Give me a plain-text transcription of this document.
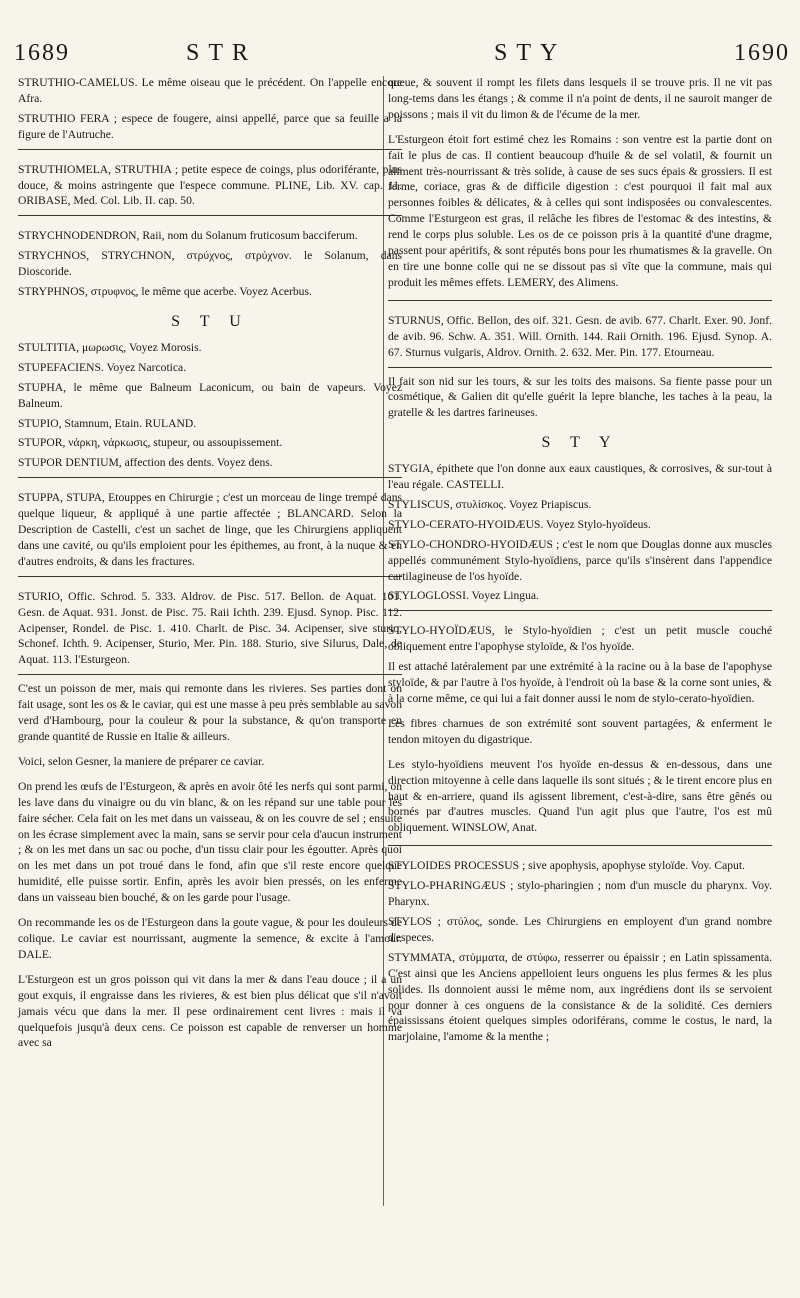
1689	STR	STY	1690

STRUTHIO-CAMELUS. Le même oiseau que le précédent. On l'appelle encore Afra.

STRUTHIO FERA ; espece de fougere, ainsi appellé, parce que sa feuille a la figure de l'Autruche.

STRUTHIOMELA, STRUTHIA ; petite espece de coings, plus odoriférante, plus douce, & moins astringente que l'espece commune. PLINE, Lib. XV. cap. 11. ORIBASE, Med. Col. Lib. II. cap. 50.

STRYCHNODENDRON, Raii, nom du Solanum fruticosum bacciferum.

STRYCHNOS, STRYCHNON, στρύχνος, στρύχνον. le Solanum, dans Dioscoride.

STRYPHNOS, στρυφνος, le même que acerbe. Voyez Acerbus.

S T U

STULTITIA, μωρωσις, Voyez Morosis.

STUPEFACIENS. Voyez Narcotica.

STUPHA, le même que Balneum Laconicum, ou bain de vapeurs. Voyez Balneum.

STUPIO, Stamnum, Etain. RULAND.

STUPOR, νάρκη, νάρκωσις, stupeur, ou assoupissement.

STUPOR DENTIUM, affection des dents. Voyez dens.

STUPPA, STUPA, Etouppes en Chirurgie ; c'est un morceau de linge trempé dans quelque liqueur, & appliqué à une partie affectée ; BLANCARD. Selon la Description de Castelli, c'est un sachet de linge, que les Chirurgiens appliquent dans une cavité, ou qu'ils emploient pour les épithemes, au front, à la nuque & en d'autres endroits, & dans les fractures.

STURIO, Offic. Schrod. 5. 333. Aldrov. de Pisc. 517. Bellon. de Aquat. 101. Gesn. de Aquat. 931. Jonst. de Pisc. 75. Raii Ichth. 239. Ejusd. Synop. Pisc. 112. Acipenser, Rondel. de Pisc. 1. 410. Charlt. de Pisc. 34. Acipenser, sive sturio, Schonef. Ichth. 9. Acipenser, Sturio, Mer. Pin. 188. Sturio, sive Silurus, Dale, de Aquat. 113. l'Esturgeon.

C'est un poisson de mer, mais qui remonte dans les rivieres. Ses parties dont on fait usage, sont les os & le caviar, qui est une masse à peu près semblable au savon verd d'Hambourg, pour la couleur & pour la substance, & qu'on transporte en grande quantité de Russie en Italie & ailleurs.

Voici, selon Gesner, la maniere de préparer ce caviar.

On prend les œufs de l'Esturgeon, & après en avoir ôté les nerfs qui sont parmi, on les lave dans du vinaigre ou du vin blanc, & on les répand sur une table pour les faire sécher. Cela fait on les met dans un vaisseau, & on les couvre de sel ; ensuite on les écrase simplement avec la main, sans se servir pour cela d'aucun instrument ; & on les met dans un sac ou poche, d'un tissu clair pour les égoutter. Après quoi on les met dans un pot troué dans le fond, afin que s'il reste encore quelque humidité, elle puisse sortir. Enfin, après les avoir bien pressés, on les enferme dans un vaisseau bien bouché, & on les garde pour l'usage.

On recommande les os de l'Esturgeon dans la goute vague, & pour les douleurs de colique. Le caviar est nourrissant, augmente la semence, & excite à l'amour. DALE.

L'Esturgeon est un gros poisson qui vit dans la mer & dans l'eau douce ; il a un gout exquis, il engraisse dans les rivieres, & est bien plus délicat que s'il n'avoit jamais vécu que dans la mer. Il pese ordinairement cent livres : mais il va quelquefois jusqu'à deux cens. Ce poisson est capable de renverser un homme avec sa

queue, & souvent il rompt les filets dans lesquels il se trouve pris. Il ne vit pas long-tems dans les étangs ; & comme il n'a point de dents, il ne sauroit manger de poissons ; mais il vit du limon & de l'écume de la mer.

L'Esturgeon étoit fort estimé chez les Romains : son ventre est la partie dont on fait le plus de cas. Il contient beaucoup d'huile & de sel volatil, & fournit un aliment très-nourrissant & très solide, à cause de ses sucs épais & grossiers. Il est ferme, coriace, gras & de difficile digestion : c'est pourquoi il fait mal aux personnes foibles & délicates, & à celles qui sont indisposées ou convalescentes. Comme l'Esturgeon est gras, il relâche les fibres de l'estomac & des intestins, & rend le corps plus soluble. Les os de ce poisson pris à la quantité d'une dragme, passent pour apéritifs, & sont réputés bons pour les rhumatismes & la gravelle. On en tire une bonne colle qui ne se dissout pas si vîte que la commune, mais qui produit les mêmes effets. LEMERY, des Alimens.

STURNUS, Offic. Bellon, des oif. 321. Gesn. de avib. 677. Charlt. Exer. 90. Jonf. de avib. 96. Schw. A. 351. Will. Ornith. 144. Raii Ornith. 196. Ejusd. Synop. A. 67. Sturnus vulgaris, Aldrov. Ornith. 2. 632. Mer. Pin. 177. Etourneau.

Il fait son nid sur les tours, & sur les toits des maisons. Sa fiente passe pour un cosmétique, & Galien dit qu'elle guérit la lepre blanche, les taches à la peau, la gratelle & les dartres farineuses.

S T Y

STYGIA, épithete que l'on donne aux eaux caustiques, & corrosives, & sur-tout à l'eau régale. CASTELLI.

STYLISCUS, στυλίσκος. Voyez Priapiscus.

STYLO-CERATO-HYOIDÆUS. Voyez Stylo-hyoïdeus.

STYLO-CHONDRO-HYOIDÆUS ; c'est le nom que Douglas donne aux muscles appellés communément Stylo-hyoïdiens, parce qu'ils s'insèrent dans l'appendice cartilagineuse de l'os hyoïde.

STYLOGLOSSI. Voyez Lingua.

STYLO-HYOÏDÆUS, le Stylo-hyoïdien ; c'est un petit muscle couché obliquement entre l'apophyse styloïde, & l'os hyoïde.

Il est attaché latéralement par une extrémité à la racine ou à la base de l'apophyse styloïde, & par l'autre à l'os hyoïde, à l'endroit où la base & la corne sont unies, & à la corne même, ce qui lui a fait donner aussi le nom de stylo-cerato-hyoïdien.

Les fibres charnues de son extrémité sont souvent partagées, & enferment le tendon mitoyen du digastrique.

Les stylo-hyoïdiens meuvent l'os hyoïde en-dessus & en-dessous, dans une direction mitoyenne à celle dans laquelle ils sont situés ; & le tirent encore plus en haut & en-arriere, quand ils agissent librement, c'est-à-dire, sans être gênés ou bornés par d'autres muscles. Quand l'un agit plus que l'autre, l'os est mû obliquement. WINSLOW, Anat.

STYLOIDES PROCESSUS ; sive apophysis, apophyse styloïde. Voy. Caput.

STYLO-PHARINGÆUS ; stylo-pharingien ; nom d'un muscle du pharynx. Voy. Pharynx.

STYLOS ; στύλος, sonde. Les Chirurgiens en employent d'un grand nombre d'especes.

STYMMATA, στύμματα, de στύφω, resserrer ou épaissir ; en Latin spissamenta. C'est ainsi que les Anciens appelloient leurs onguens les plus fermes & les plus solides. Ils donnoient aussi le même nom, aux ingrédiens dont ils se servoient pour donner à ces onguens de la consistance & de la solidité. Ces derniers épaississans étoient quelques simples odoriférans, comme le costus, le nard, la marjolaine, l'amome & la menthe ;
